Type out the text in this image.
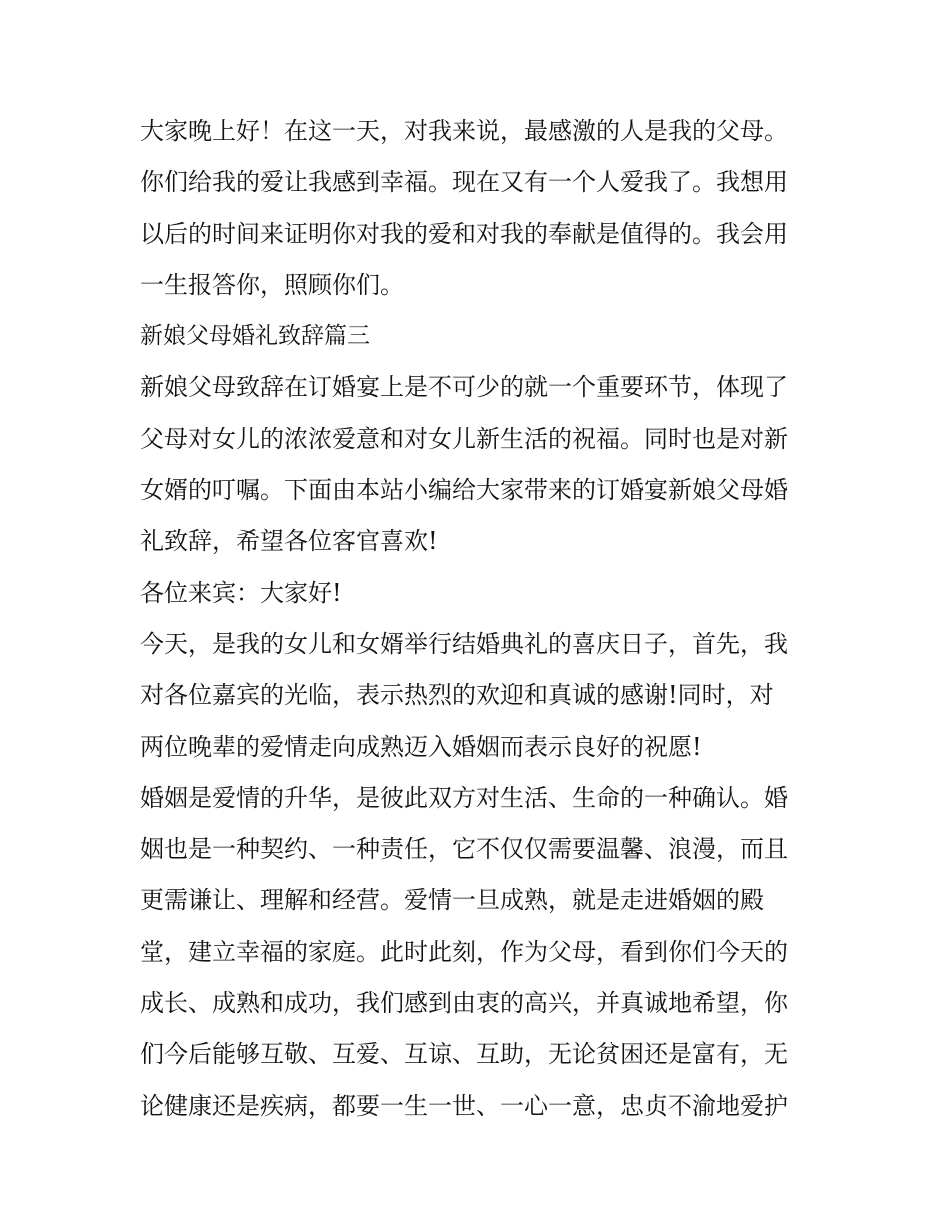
大家晚上好！在这一天，对我来说，最感激的人是我的父母。
你们给我的爱让我感到幸福。现在又有一个人爱我了。我想用
以后的时间来证明你对我的爱和对我的奉献是值得的。我会用
一生报答你，照顾你们。
新娘父母婚礼致辞篇三
新娘父母致辞在订婚宴上是不可少的就一个重要环节，体现了
父母对女儿的浓浓爱意和对女儿新生活的祝福。同时也是对新
女婿的叮嘱。下面由本站小编给大家带来的订婚宴新娘父母婚
礼致辞，希望各位客官喜欢!
各位来宾：大家好!
今天，是我的女儿和女婿举行结婚典礼的喜庆日子，首先，我
对各位嘉宾的光临，表示热烈的欢迎和真诚的感谢!同时，对
两位晚辈的爱情走向成熟迈入婚姻而表示良好的祝愿!
婚姻是爱情的升华，是彼此双方对生活、生命的一种确认。婚
姻也是一种契约、一种责任，它不仅仅需要温馨、浪漫，而且
更需谦让、理解和经营。爱情一旦成熟，就是走进婚姻的殿
堂，建立幸福的家庭。此时此刻，作为父母，看到你们今天的
成长、成熟和成功，我们感到由衷的高兴，并真诚地希望，你
们今后能够互敬、互爱、互谅、互助，无论贫困还是富有，无
论健康还是疾病，都要一生一世、一心一意，忠贞不渝地爱护
